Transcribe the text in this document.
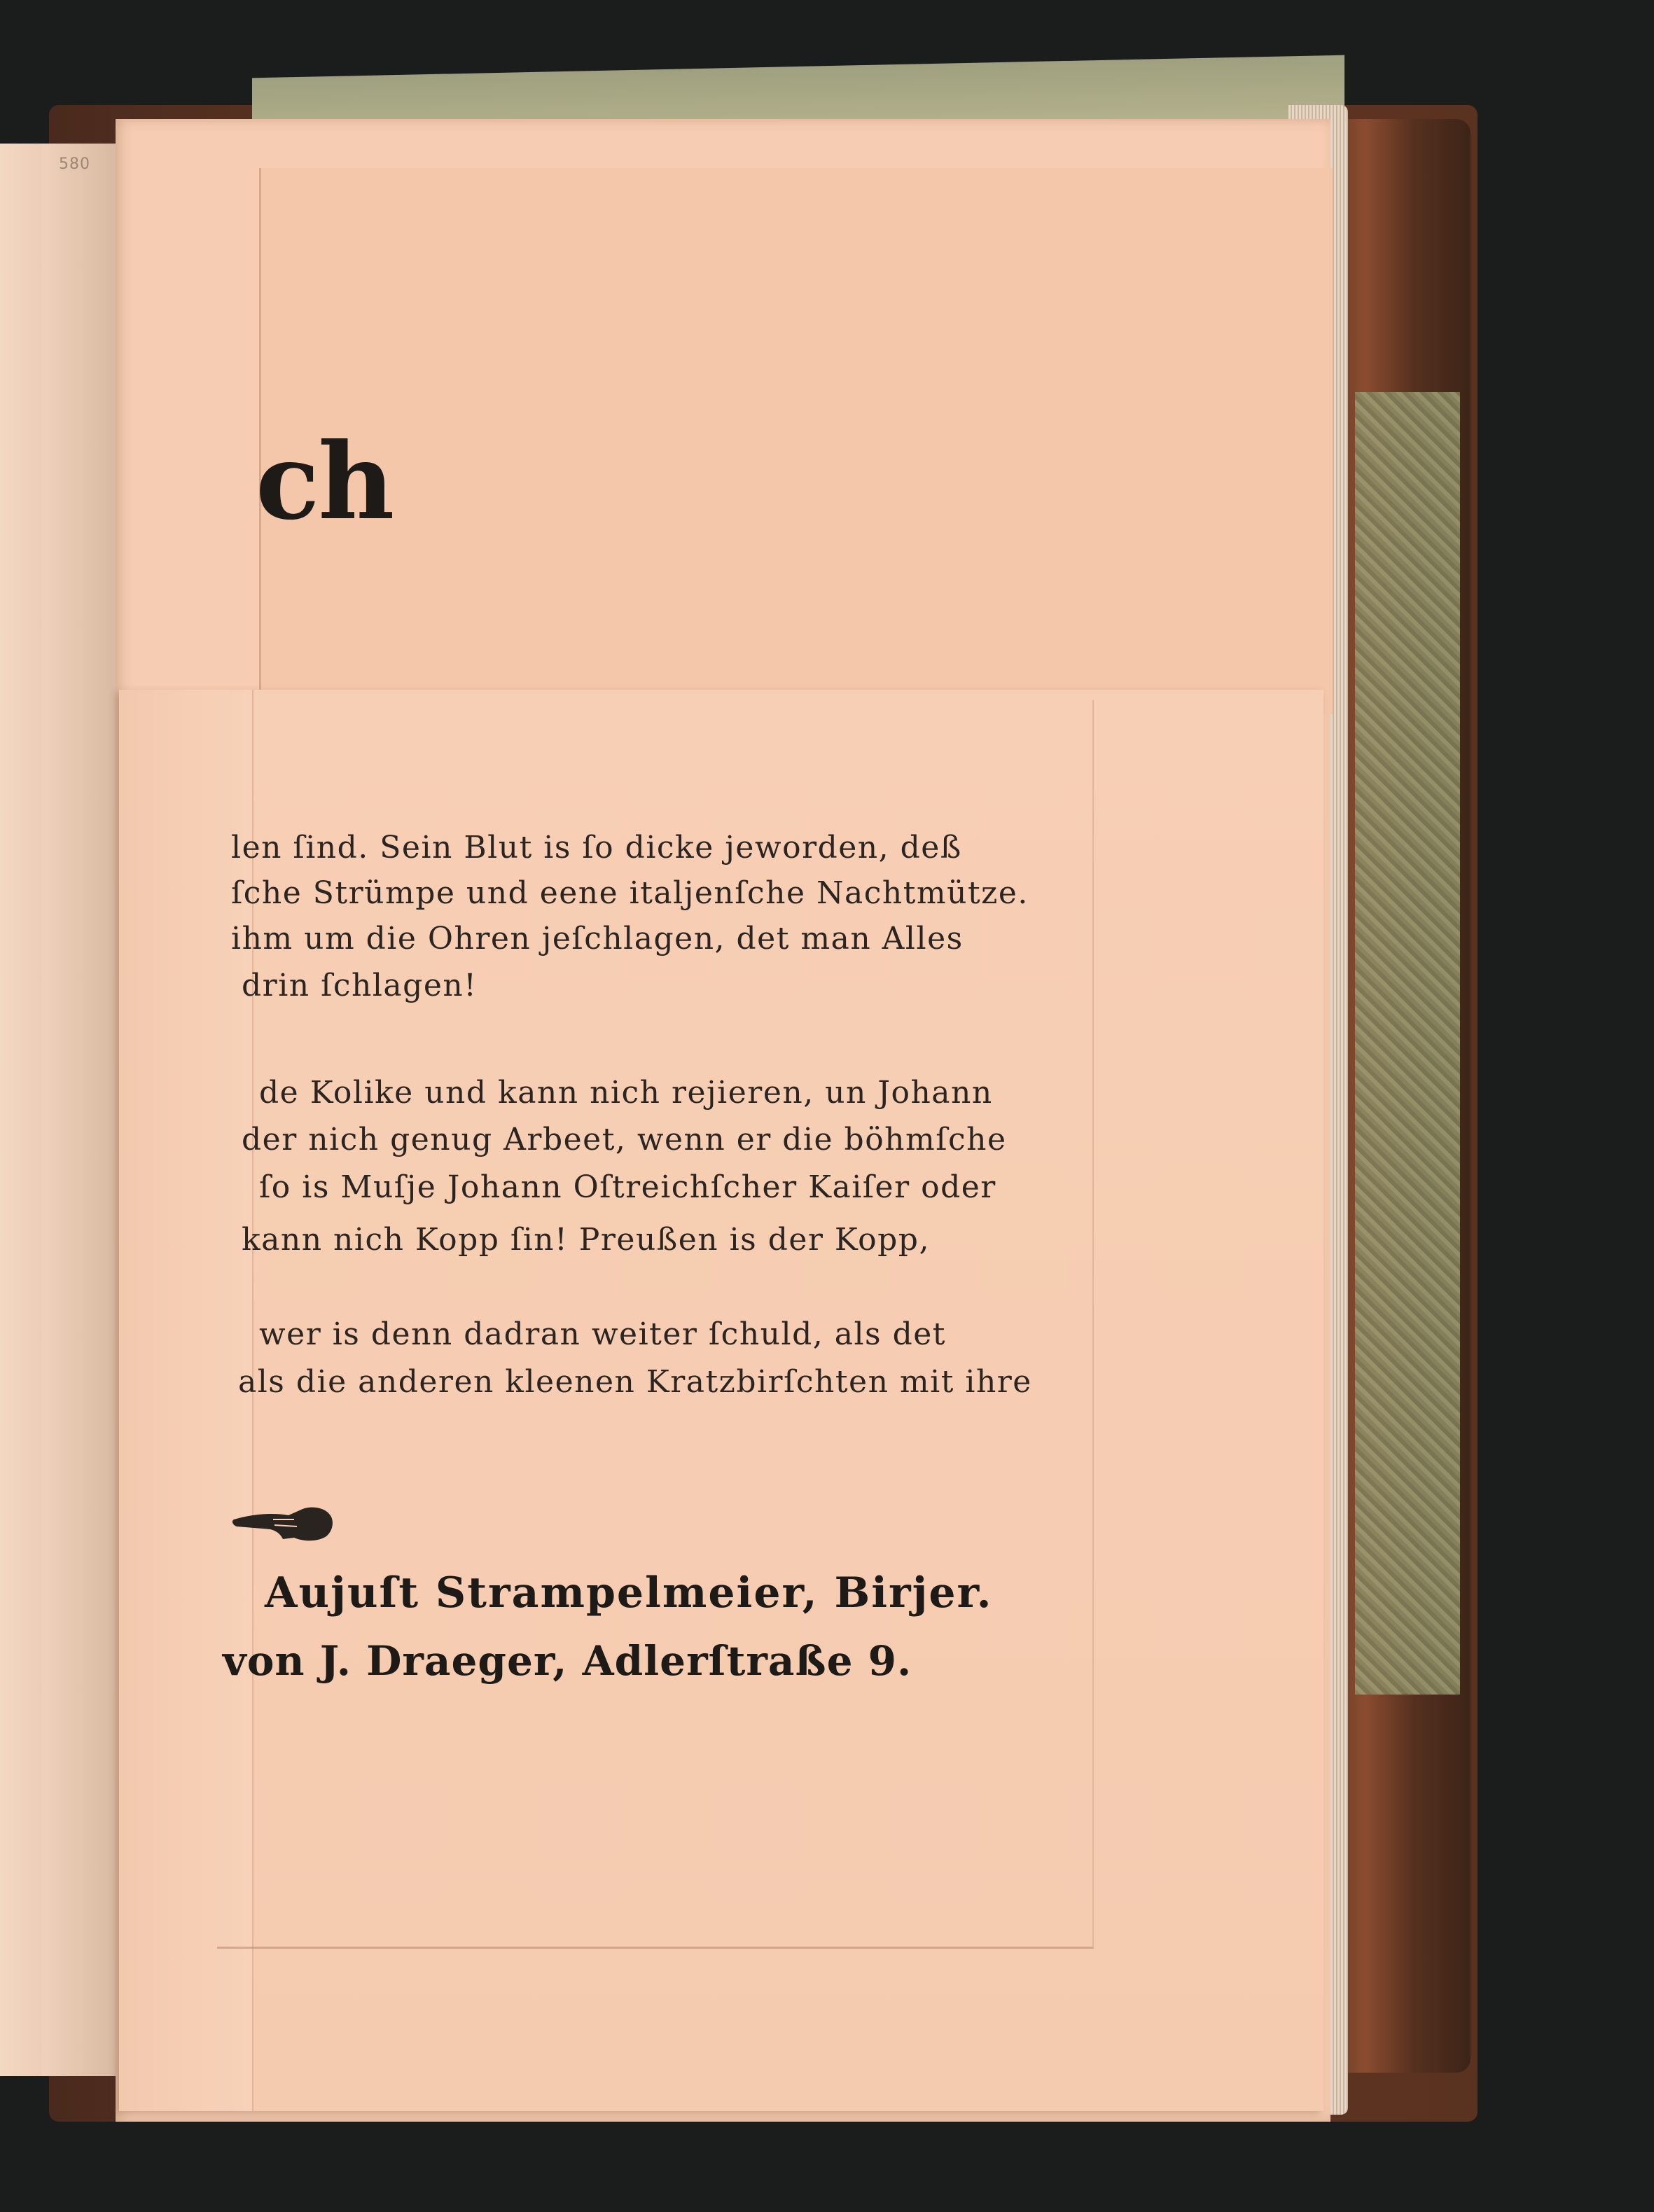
580
ch
len ſind. Sein Blut is ſo dicke jeworden, deß
ſche Strümpe und eene italjenſche Nachtmütze.
ihm um die Ohren jeſchlagen, det man Alles
drin ſchlagen!
de Kolike und kann nich rejieren, un Johann
der nich genug Arbeet, wenn er die böhmſche
ſo is Muſje Johann Oſtreichſcher Kaiſer oder
kann nich Kopp ſin! Preußen is der Kopp,
wer is denn dadran weiter ſchuld, als det
als die anderen kleenen Kratzbirſchten mit ihre
Aujuſt Strampelmeier, Birjer.
von J. Draeger, Adlerſtraße 9.
